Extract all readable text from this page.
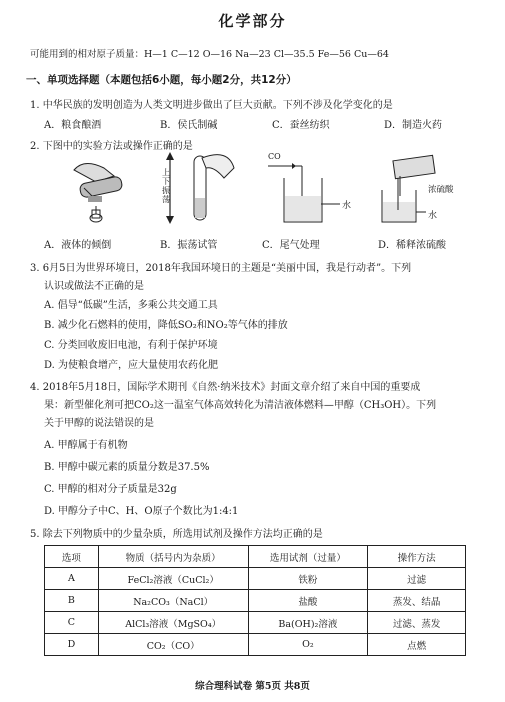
化学部分
可能用到的相对原子质量：H—1 C—12 O—16 Na—23 Cl—35.5 Fe—56 Cu—64
一、单项选择题（本题包括6小题，每小题2分，共12分）
1. 中华民族的发明创造为人类文明进步做出了巨大贡献。下列不涉及化学变化的是
A．粮食酿酒	B．侯氏制碱	C．蚕丝纺织	D．制造火药
2. 下图中的实验方法或操作正确的是
上下振荡
CO
水
浓硫酸
水
A．液体的倾倒	B．振荡试管	C．尾气处理	D．稀释浓硫酸
3. 6月5日为世界环境日，2018年我国环境日的主题是“美丽中国，我是行动者”。下列
认识或做法不正确的是
A. 倡导“低碳”生活，多乘公共交通工具
B. 减少化石燃料的使用，降低SO₂和NO₂等气体的排放
C. 分类回收废旧电池，有利于保护环境
D. 为使粮食增产，应大量使用农药化肥
4. 2018年5月18日，国际学术期刊《自然·纳米技术》封面文章介绍了来自中国的重要成
果：新型催化剂可把CO₂这一温室气体高效转化为清洁液体燃料—甲醇（CH₃OH）。下列
关于甲醇的说法错误的是
A. 甲醇属于有机物
B. 甲醇中碳元素的质量分数是37.5%
C. 甲醇的相对分子质量是32g
D. 甲醇分子中C、H、O原子个数比为1:4:1
5. 除去下列物质中的少量杂质，所选用试剂及操作方法均正确的是
选项	物质（括号内为杂质）	选用试剂（过量）	操作方法
A	FeCl₂溶液（CuCl₂）	铁粉	过滤
B	Na₂CO₃（NaCl）	盐酸	蒸发、结晶
C	AlCl₃溶液（MgSO₄）	Ba(OH)₂溶液	过滤、蒸发
D	CO₂（CO）	O₂	点燃
综合理科试卷 第5页 共8页
